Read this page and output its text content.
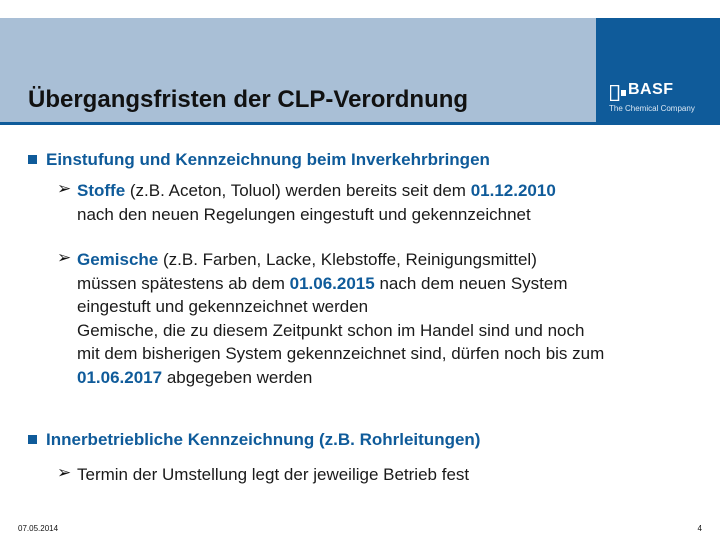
Übergangsfristen der CLP-Verordnung	BASF
The Chemical Company
Einstufung und Kennzeichnung beim Inverkehrbringen
➢ Stoffe (z.B. Aceton, Toluol) werden bereits seit dem 01.12.2010
nach den neuen Regelungen eingestuft und gekennzeichnet
➢ Gemische (z.B. Farben, Lacke, Klebstoffe, Reinigungsmittel)
müssen spätestens ab dem 01.06.2015 nach dem neuen System
eingestuft und gekennzeichnet werden
Gemische, die zu diesem Zeitpunkt schon im Handel sind und noch
mit dem bisherigen System gekennzeichnet sind, dürfen noch bis zum
01.06.2017 abgegeben werden
Innerbetriebliche Kennzeichnung (z.B. Rohrleitungen)
➢ Termin der Umstellung legt der jeweilige Betrieb fest
07.05.2014	4
